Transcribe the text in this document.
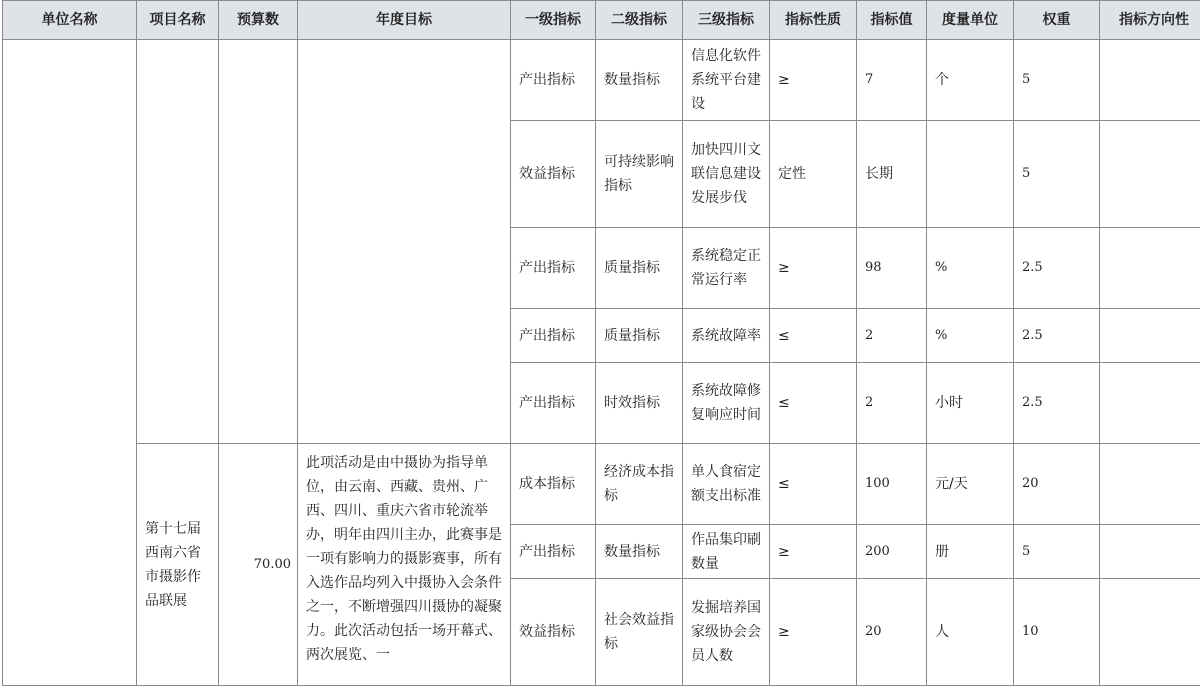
单位名称	项目名称	预算数	年度目标	一级指标	二级指标	三级指标	指标性质	指标值	度量单位	权重	指标方向性
				产出指标	数量指标	信息化软件系统平台建设	≥	7	个	5	
				效益指标	可持续影响指标	加快四川文联信息建设发展步伐	定性	长期		5	
				产出指标	质量指标	系统稳定正常运行率	≥	98	%	2.5	
				产出指标	质量指标	系统故障率	≤	2	%	2.5	
				产出指标	时效指标	系统故障修复响应时间	≤	2	小时	2.5	
	第十七届西南六省市摄影作品联展	70.00	此项活动是由中摄协为指导单位，由云南、西藏、贵州、广西、四川、重庆六省市轮流举办，明年由四川主办，此赛事是一项有影响力的摄影赛事，所有入选作品均列入中摄协入会条件之一，不断增强四川摄协的凝聚力。此次活动包括一场开幕式、两次展览、一	成本指标	经济成本指标	单人食宿定额支出标准	≤	100	元/天	20	
				产出指标	数量指标	作品集印刷数量	≥	200	册	5	
				效益指标	社会效益指标	发掘培养国家级协会会员人数	≥	20	人	10	
